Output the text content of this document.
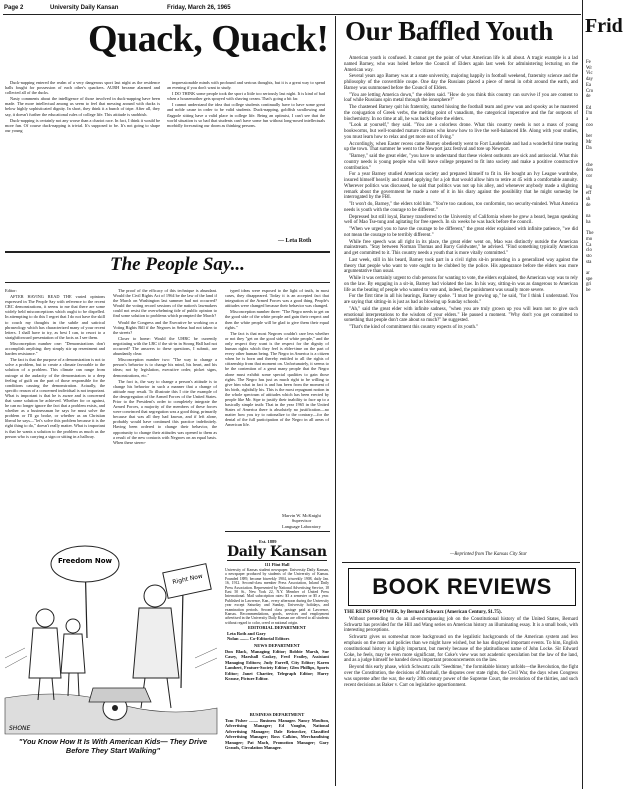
Page 2	University Daily Kansan	Friday, March 26, 1965
Quack, Quack!

Duck-napping entered the realm of a very dangerous sport last night as the residence halls fought for possession of each other's quackers. AURH became alarmed and collected all of the ducks.

Nasty comments about the intelligence of those involved in duck-napping have been made. The more intellectual among us seem to feel that messing around with ducks is below highly sophisticated dignity. In short, they think it a bunch of tripe. After all, they say, it doesn't further the educational rules of college life. This attitude is snobbish.

Duck-napping is certainly not any worse than a chariot race. In fact, I think it would be more fun. Of course duck-napping is trivial. It's supposed to be. It's not going to shape our young

impressionable minds with profound and serious thoughts, but it is a great way to spend an evening if you don't want to study.

I DO THINK some people took the sport a little too seriously last night. It is kind of bad when a housemother gets sprayed with shaving cream. That's going a bit far.

I cannot understand the idea that college students continually have to have some great and noble cause in order to be valid students. Duck-napping, goldfish swallowing and flagpole sitting have a valid place in college life. Being an optimist, I can't see that the world situation is so bad that students can't have some fun without long-nosed intellectuals morbidly forecasting our doom as thinking persons.

— Leta Roth
The People Say...

Editor:

AFTER HAVING READ THE varied opinions expressed in The People Say with reference to the recent CRC demonstrations, it seems to me that there are some widely held misconceptions which ought to be dispelled. In attempting to do this I regret that I do not have the skill to couch my thoughts in the subtle and satirical phraseology which has characterized many of your recent letters. I shall have to try, as best I can, to resort to a straightforward presentation of the facts as I see them.

Misconception number one: "Demonstrations don't accomplish anything; they simply stir up resentment and harden resistance."

The fact is that the purpose of a demonstration is not to solve a problem, but to create a climate favorable to the solution of a problem. This climate can range from outrage at the audacity of the demonstrators to a deep feeling of guilt on the part of those responsible for the conditions causing the demonstration. Actually, the specific reason of a concerned individual is not important. What is important is that he is aware and is concerned that some solution be achieved. Whether for or against, he can no longer ignore the fact that a problem exists, and whether as a businessman he says he must solve the problem or I'll go broke, or whether as an Christian liberal he says—"let's solve this problem because it is the right thing to do," doesn't really matter. What is important is that he wants a solution to the problem as much as the person who is carrying a sign or sitting in a hallway.

The proof of the efficacy of this technique is abundant. Would the Civil Rights Act of 1964 be the law of the land if the March on Washington last summer had not occurred? Would the voting record sessions of the nation's lawmakers could not resist the overwhelming tide of public opinion to find some solution to problems which prompted the March?

Would the Congress and the Executive be working on a Voting Rights Bill if the Negroes in Selma had not taken to the streets?

Closer to home: Would the UHRC be currently negotiating with the LRC if the sit-in in Strong Hall had not occurred? The answers to these questions, I submit, are abundantly clear.

Misconception number two: "The way to change a person's behavior is to change his mind, his heart, and his ideas; not by legislation, executive order, picket signs, demonstrations, etc."

The fact is, the way to change a person's attitude is to change his behavior in such a manner that a change of attitude may result. To illustrate this I cite the example of the desegregation of the Armed Forces of the United States. Prior to the President's order to completely integrate the Armed Forces, a majority of the members of these forces were convinced that segregation was a good thing, primarily because that was all they had known, and if left alone, probably would have continued this practice indefinitely. Having been ordered to change their behavior, the opportunity to change their attitudes was opened to them as a result of the new contacts with Negroes on an equal basis. When these stereo-

typed ideas were exposed to the light of truth, in most cases, they disappeared. Today it is an accepted fact that integration of the Armed Forces was a good thing. People's attitudes were changed because their behavior was changed.

Misconception number three: "The Negro needs to get on the good side of the white people and gain their respect and then the white people will be glad to give them their equal rights."

The fact is that most Negroes couldn't care less whether or not they "get on the good side of white people," and the only respect they want is the respect for the dignity of human rights which they feel is elder-time on the part of every other human being. The Negro in America is a citizen when he is born and thereby entitled to all the rights of citizenship from that moment on. Unfortunately, it seems to be the contention of a great many people that the Negro alone must exhibit some special qualities to gain those rights. The Negro has just as much right to be willing to give him what in fact is and has been from the moment of his birth, rightfully his. This is the most repugnant notion in the whole spectrum of attitudes which has been erected by people like Mr. Sipe to justify their inability to face up to a basically simple truth: That in the year 1965 in the United States of America there is absolutely no justification—no matter how you try to rationalize to the contrary—for the denial of the full participation of the Negro in all areas of American life.

Marvin W. McKnight
Supervisor
Language Laboratory
Freedom Now
Right Now
SHONE
"You Know How It Is With American Kids— They Drive Before They Start Walking"
Est. 1889
Daily Kansan
111 Flint Hall

University of Kansas student newspaper. University Daily Kansan, a newspaper produced by students of the University of Kansas. Founded 1889, became biweekly 1904, triweekly 1908, daily Jan. 16, 1912. Second-class member Press Association, Inland Daily Press Association. Represented by National Advertising Service, 18 East 50 St., New York 22, N.Y. Member of United Press International. Mail subscription rates: $3 a semester or $5 a year. Published in Lawrence, Kan., every afternoon during the University year except Saturday and Sunday, University holidays, and examination periods. Second class postage paid at Lawrence, Kansas. Recommendations, goods, services and employment advertised in the University Daily Kansan are offered to all students without regard to color, creed or national origin.

EDITORIAL DEPARTMENT
Leta Roth and Gary
Nolan ........ Co-Editorial Editors
NEWS DEPARTMENT

Don Black, Managing Editor; Bobbie Marsh, Sue Casey, Marshall Caskey, Fred Frailey, Assistant Managing Editors; Judy Farrell, City Editor; Karen Lambert, Feature-Society Editor; Glen Phillips, Sports Editor; Janet Chartier, Telegraph Editor; Harry Krause, Picture Editor.

BUSINESS DEPARTMENT

Tom Fisher ........ Business Manager. Nancy Moulton, Advertising Manager; Ed Vaughn, National Advertising Manager; Dale Reinecker, Classified Advertising Manager; Ross Calkins, Merchandising Manager; Pat Mach, Promotion Manager; Gary Grauds, Circulation Manager.

Our Baffled Youth

American youth is confused. It cannot get the point of what American life is all about. A tragic example is a lad named Barney, who was holed before the Council of Elders again last week for administering lecturing on the American way.

Several years ago Barney was at a state university, majoring happily in football weekend, fraternity science and the philosophy of the convertible coupe. One day the Russians placed a piece of metal in orbit around the earth, and Barney was summoned before the Council of Elders.

"You are letting America down," the elders said. "How do you think this country can survive if you are content to loaf while Russians spin metal through the ionosphere?"

The chastened Barney quit his fraternity, started hissing the football team and grew wan and spooky as he mastered the conjugation of Greek verbs, the melting point of vanadium, the categorical imperative and the far outposts of biochemistry. In no time at all, he was back before the elders.

"Look at yourself," they said. "You are a colorless drone. What this country needs is not a mass of young bookworms, but well-rounded mature citizens who know how to live the well-balanced life. Along with your studies, you must learn how to relax and get more out of living."

Accordingly, when Easter recess came Barney obediently went to Fort Lauderdale and had a wonderful time tearing up the town. That summer he went to the Newport jazz festival and tore up Newport.

"Barney," said the great elder, "you have to understand that these violent outbursts are sick and antisocial. What this country needs is young people who will leave college prepared to fit into society and make a positive constructive contribution."

For a year Barney studied American society and prepared himself to fit in. He bought an Ivy League wardrobe, insured himself heavily and started applying for a job that would allow him to retire at 45 with a comfortable annuity. Wherever politics was discussed, he said that politics was not up his alley, and whenever anybody made a slighting remark about the government he made a note of it in his diary against the possibility that he might someday be interrogated by the FBI.

"It won't do, Barney," the elders told him. "You're too cautious, too conformist, too security-minded. What America needs is youth with the courage to be different."

Depressed but still loyal, Barney transferred to the University of California where he grew a beard, began speaking well of Mao Tse-tung and agitating for free speech. In six weeks he was back before the council.

"When we urged you to have the courage to be different," the great elder explained with infinite patience, "we did not mean the courage to be terribly different."

While free speech was all right in its place, the great elder went on, Mao was distinctly outside the American mainstream. "Stay between Norman Thomas and Barry Goldwater," he advised. "Find something typically American and get committed to it. This country needs a youth that is more vitally committed."

Last week, still in his beard, Barney took part in a civil rights sit-in protesting in a generalized way against the theory that people who want to vote ought to be clubbed by the police. His appearance before the elders was more argumentative than usual.

While it was certainly urgent to club persons for wanting to vote, the elders explained, the American way was to rely on the law. By engaging in a sit-in, Barney had violated the law. In his way, sitting-in was as dangerous to American life as the beating of people who wanted to vote and, indeed, the punishment was usually more severe.

For the first time in all his hearings, Barney spoke. "I must be growing up," he said, "for I think I understand. You are saying that sitting-in is just as bad as blowing up Sunday schools."

"Ah," said the great elder with infinite sadness, "when you are truly grown up you will learn not to give such emotional interpretations to the wisdom of your elders." He paused a moment. "Why don't you get committed to something that people don't care about so much?" he suggested.

"That's the kind of commitment this country expects of its youth."

—Reprinted from The Kansas City Star
BOOK REVIEWS

THE REINS OF POWER, by Bernard Schwarz (American Century, $1.75).

Without pretending to do an all-encompassing job on the Constitutional history of the United States, Bernard Schwartz has provided for the Hill and Wang series on American history an illuminating essay. It is a small book, with interesting perceptions.

Schwartz gives us somewhat more background on the legalistic backgrounds of the American system and less emphasis on the men and policies than we might have wished, but he has displayed important events. To him, English constitutional history is highly important, but merely because of the platitudinous name of John Locke. Sir Edward Coke, he feels, may be even more significant, for Coke's view was not academic speculation but the law of the land, and as a judge himself he handed down important pronouncements on the law.

Beyond this early phase, which Schwartz calls "Seedtime," the formidable history unfolds—the Revolution, the fight over the Constitution, the decisions of Marshall, the disputes over state rights, the Civil War, the days when Congress was supreme after the war, the early 20th century power of the Supreme Court, the revolution of the thirties, and such recent decisions as Baker v. Carr on legislative apportionment.

Frid
Fe
Wr
Vic
day
Ea
Cro
de

Ed
I'm
a
coo

ber
Mr
Da

che
den
cor

hig
eff
sh
de

na
ha

The
mo
Ca
clo
sto
sta

ar
spe
gri
be
